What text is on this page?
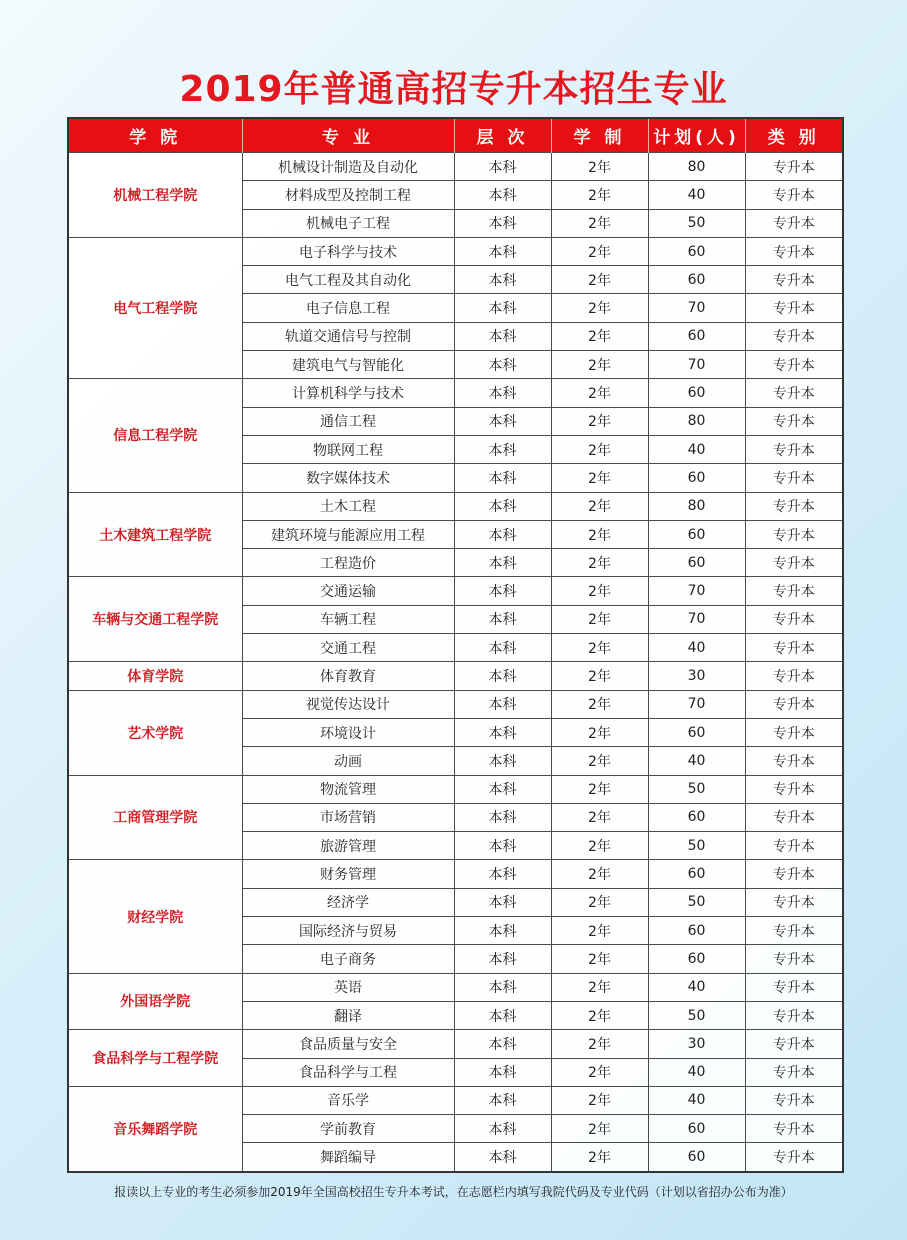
2019年普通高招专升本招生专业
学 院	专 业	层 次	学 制	计划(人)	类 别
机械工程学院	机械设计制造及自动化	本科	2年	80	专升本
	材料成型及控制工程	本科	2年	40	专升本
	机械电子工程	本科	2年	50	专升本
电气工程学院	电子科学与技术	本科	2年	60	专升本
	电气工程及其自动化	本科	2年	60	专升本
	电子信息工程	本科	2年	70	专升本
	轨道交通信号与控制	本科	2年	60	专升本
	建筑电气与智能化	本科	2年	70	专升本
信息工程学院	计算机科学与技术	本科	2年	60	专升本
	通信工程	本科	2年	80	专升本
	物联网工程	本科	2年	40	专升本
	数字媒体技术	本科	2年	60	专升本
土木建筑工程学院	土木工程	本科	2年	80	专升本
	建筑环境与能源应用工程	本科	2年	60	专升本
	工程造价	本科	2年	60	专升本
车辆与交通工程学院	交通运输	本科	2年	70	专升本
	车辆工程	本科	2年	70	专升本
	交通工程	本科	2年	40	专升本
体育学院	体育教育	本科	2年	30	专升本
艺术学院	视觉传达设计	本科	2年	70	专升本
	环境设计	本科	2年	60	专升本
	动画	本科	2年	40	专升本
工商管理学院	物流管理	本科	2年	50	专升本
	市场营销	本科	2年	60	专升本
	旅游管理	本科	2年	50	专升本
财经学院	财务管理	本科	2年	60	专升本
	经济学	本科	2年	50	专升本
	国际经济与贸易	本科	2年	60	专升本
	电子商务	本科	2年	60	专升本
外国语学院	英语	本科	2年	40	专升本
	翻译	本科	2年	50	专升本
食品科学与工程学院	食品质量与安全	本科	2年	30	专升本
	食品科学与工程	本科	2年	40	专升本
音乐舞蹈学院	音乐学	本科	2年	40	专升本
	学前教育	本科	2年	60	专升本
	舞蹈编导	本科	2年	60	专升本
报读以上专业的考生必须参加2019年全国高校招生专升本考试，在志愿栏内填写我院代码及专业代码（计划以省招办公布为准）
